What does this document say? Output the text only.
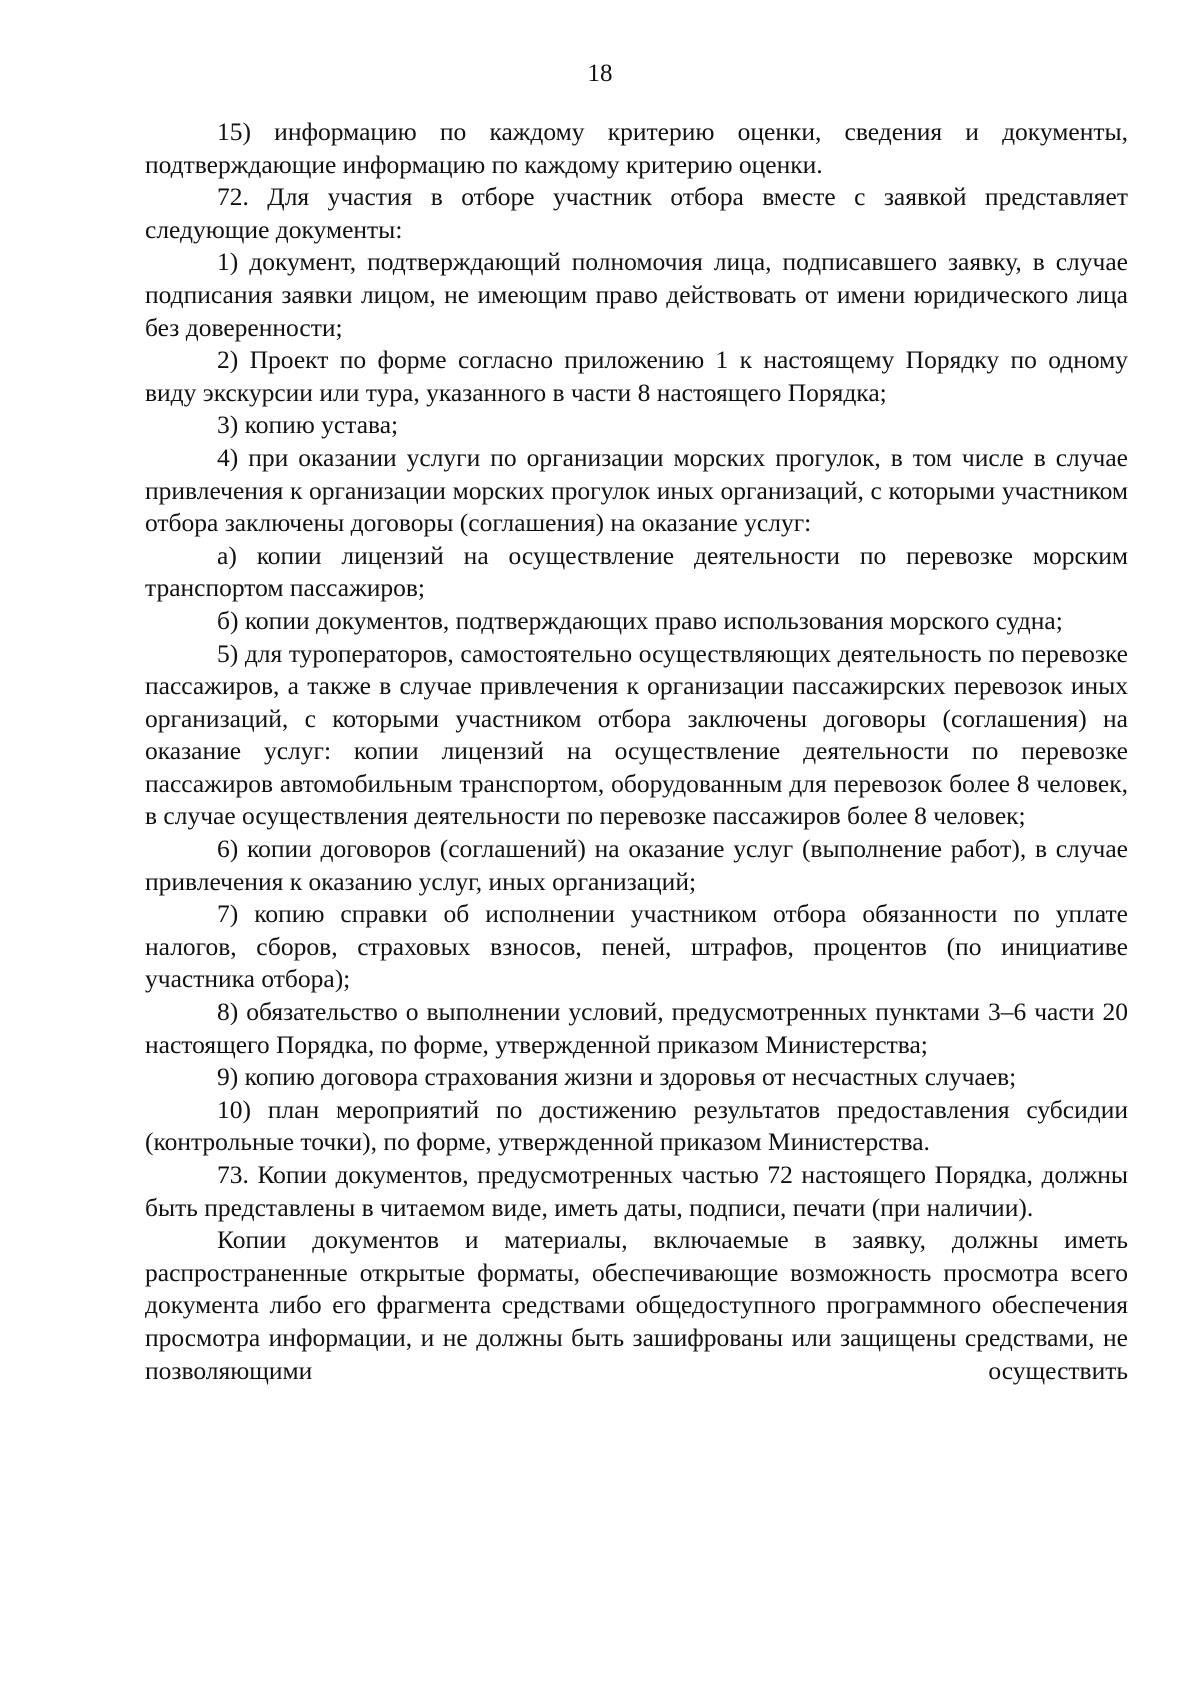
18

15) информацию по каждому критерию оценки, сведения и документы, подтверждающие информацию по каждому критерию оценки.

72. Для участия в отборе участник отбора вместе с заявкой представляет следующие документы:

1) документ, подтверждающий полномочия лица, подписавшего заявку, в случае подписания заявки лицом, не имеющим право действовать от имени юридического лица без доверенности;

2) Проект по форме согласно приложению 1 к настоящему Порядку по одному виду экскурсии или тура, указанного в части 8 настоящего Порядка;

3) копию устава;

4) при оказании услуги по организации морских прогулок, в том числе в случае привлечения к организации морских прогулок иных организаций, с которыми участником отбора заключены договоры (соглашения) на оказание услуг:

а) копии лицензий на осуществление деятельности по перевозке морским транспортом пассажиров;

б) копии документов, подтверждающих право использования морского судна;

5) для туроператоров, самостоятельно осуществляющих деятельность по перевозке пассажиров, а также в случае привлечения к организации пассажирских перевозок иных организаций, с которыми участником отбора заключены договоры (соглашения) на оказание услуг: копии лицензий на осуществление деятельности по перевозке пассажиров автомобильным транспортом, оборудованным для перевозок более 8 человек, в случае осуществления деятельности по перевозке пассажиров более 8 человек;

6) копии договоров (соглашений) на оказание услуг (выполнение работ), в случае привлечения к оказанию услуг, иных организаций;

7) копию справки об исполнении участником отбора обязанности по уплате налогов, сборов, страховых взносов, пеней, штрафов, процентов (по инициативе участника отбора);

8) обязательство о выполнении условий, предусмотренных пунктами 3–6 части 20 настоящего Порядка, по форме, утвержденной приказом Министерства;

9) копию договора страхования жизни и здоровья от несчастных случаев;

10) план мероприятий по достижению результатов предоставления субсидии (контрольные точки), по форме, утвержденной приказом Министерства.

73. Копии документов, предусмотренных частью 72 настоящего Порядка, должны быть представлены в читаемом виде, иметь даты, подписи, печати (при наличии).

Копии документов и материалы, включаемые в заявку, должны иметь распространенные открытые форматы, обеспечивающие возможность просмотра всего документа либо его фрагмента средствами общедоступного программного обеспечения просмотра информации, и не должны быть зашифрованы или защищены средствами, не позволяющими осуществить
